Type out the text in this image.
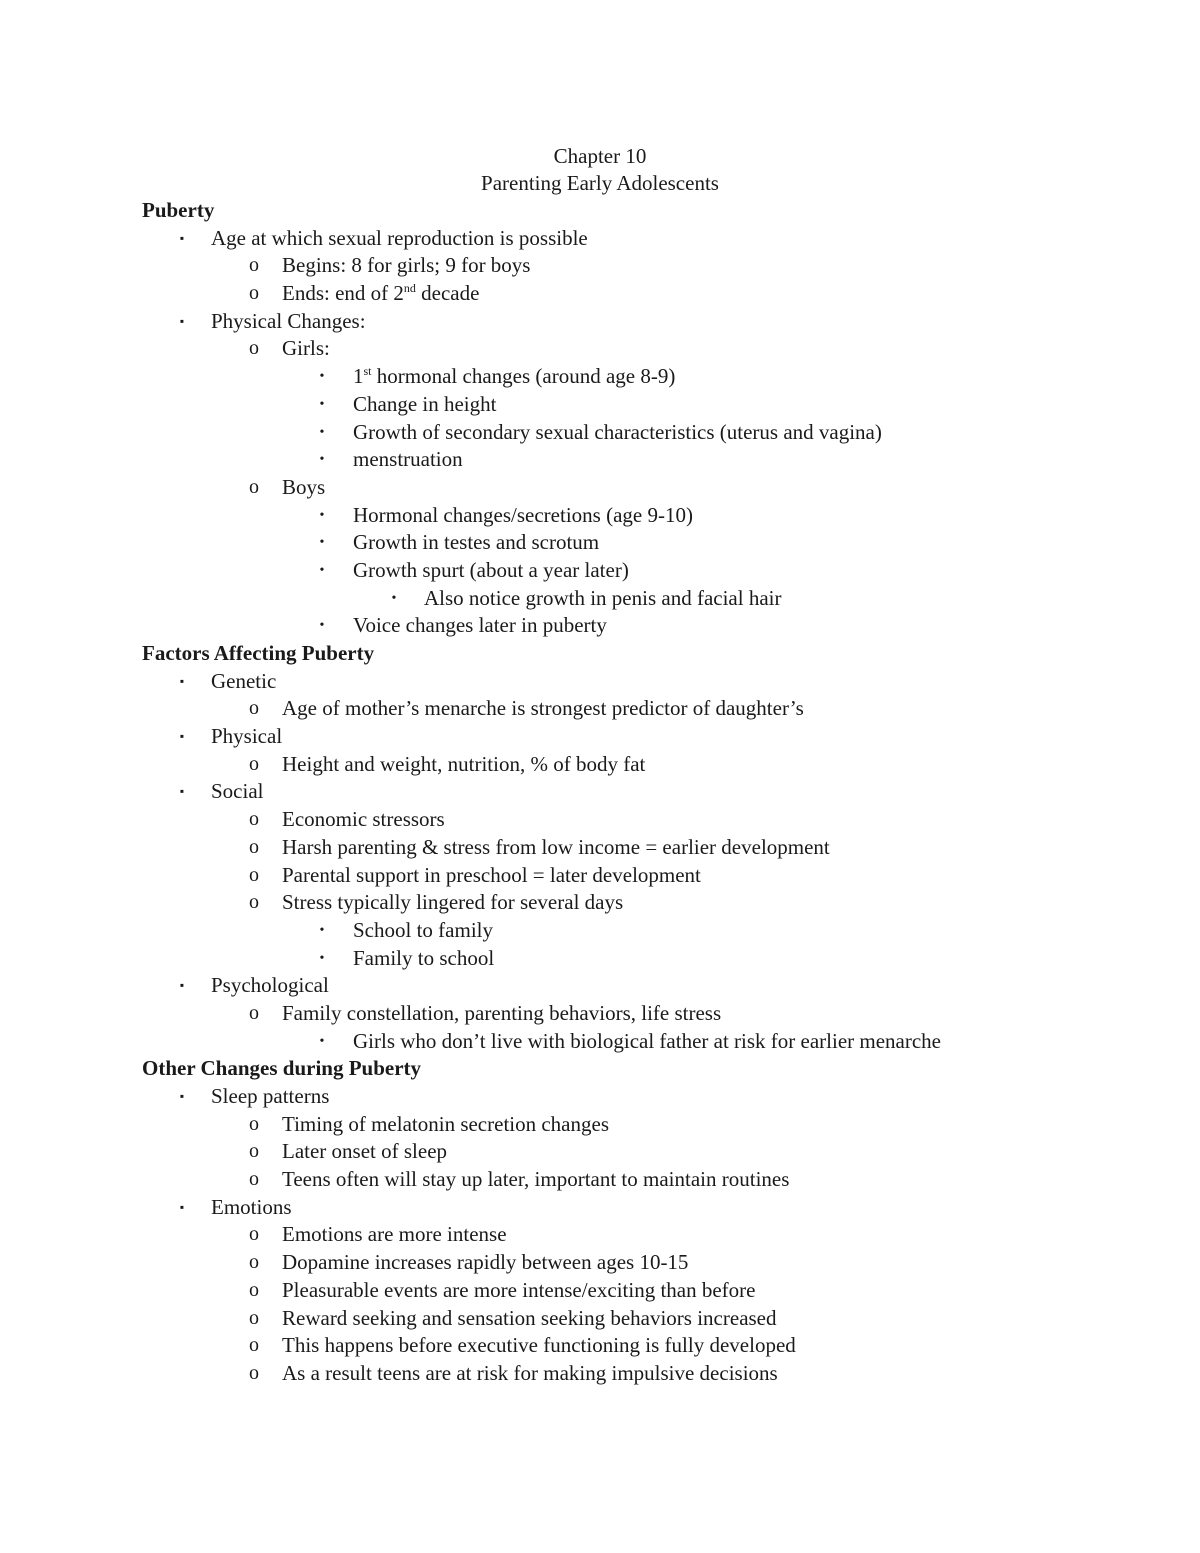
Chapter 10
Parenting Early Adolescents
Puberty
▪	Age at which sexual reproduction is possible
o Begins: 8 for girls; 9 for boys
o Ends: end of 2nd decade
▪	Physical Changes:
o Girls:
•	1st hormonal changes (around age 8-9)
•	Change in height
•	Growth of secondary sexual characteristics (uterus and vagina)
•	menstruation
o Boys
•	Hormonal changes/secretions (age 9-10)
•	Growth in testes and scrotum
•	Growth spurt (about a year later)
•	Also notice growth in penis and facial hair
•	Voice changes later in puberty
Factors Affecting Puberty
▪	Genetic
o Age of mother’s menarche is strongest predictor of daughter’s
▪	Physical
o Height and weight, nutrition, % of body fat
▪	Social
o Economic stressors
o Harsh parenting & stress from low income = earlier development
o Parental support in preschool = later development
o Stress typically lingered for several days
•	School to family
•	Family to school
▪	Psychological
o Family constellation, parenting behaviors, life stress
•	Girls who don’t live with biological father at risk for earlier menarche
Other Changes during Puberty
▪	Sleep patterns
o Timing of melatonin secretion changes
o Later onset of sleep
o Teens often will stay up later, important to maintain routines
▪	Emotions
o Emotions are more intense
o Dopamine increases rapidly between ages 10-15
o Pleasurable events are more intense/exciting than before
o Reward seeking and sensation seeking behaviors increased
o This happens before executive functioning is fully developed
o As a result teens are at risk for making impulsive decisions
